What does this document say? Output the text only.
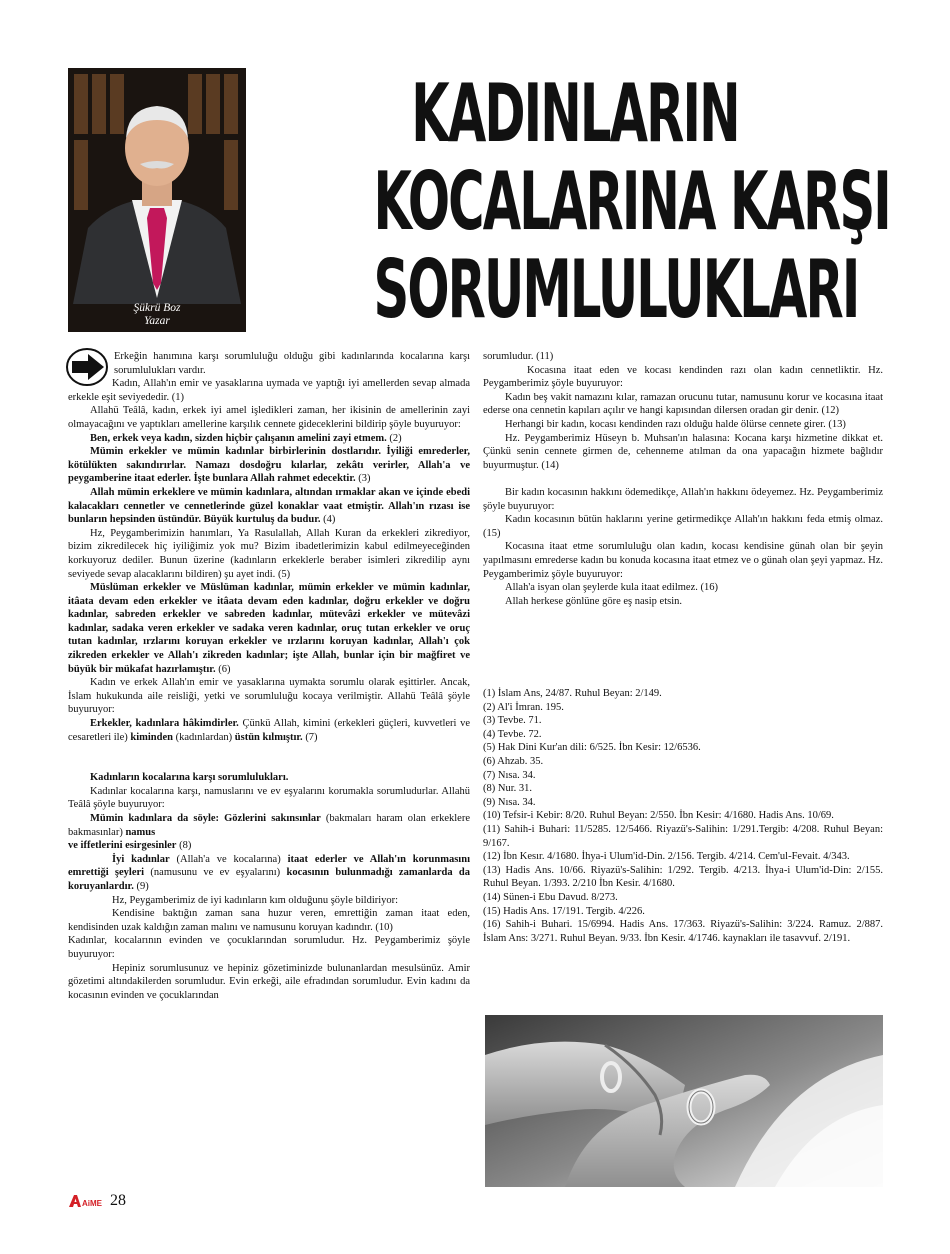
Şükrü Boz
Yazar
KADINLARIN
KOCALARINA KARŞI
SORUMLULUKLARI

Erkeğin hanımına karşı sorumluluğu olduğu gibi kadınlarında kocalarına karşı sorumlulukları vardır.

Kadın, Allah'ın emir ve yasaklarına uymada ve yaptığı iyi amellerden sevap almada erkekle eşit seviyededir. (1)

Allahü Teâlâ, kadın, erkek iyi amel işledikleri zaman, her ikisinin de amellerinin zayi olmayacağını ve yaptıkları amellerine karşılık cennete gideceklerini bildirip şöyle buyuruyor:

Ben, erkek veya kadın, sizden hiçbir çalışanın amelini zayi etmem. (2)

Mümin erkekler ve mümin kadınlar birbirlerinin dostlarıdır. İyiliği emrederler, kötülükten sakındırırlar. Namazı dosdoğru kılarlar, zekâtı verirler, Allah'a ve peygamberine itaat ederler. İşte bunlara Allah rahmet edecektir. (3)

Allah mümin erkeklere ve mümin kadınlara, altından ırmaklar akan ve içinde ebedi kalacakları cennetler ve cennetlerinde güzel konaklar vaat etmiştir. Allah'ın rızası ise bunların hepsinden üstündür. Büyük kurtuluş da budur. (4)

Hz, Peygamberimizin hanımları, Ya Rasulallah, Allah Kuran da erkekleri zikrediyor, bizim zikredilecek hiç iyiliğimiz yok mu? Bizim ibadetlerimizin kabul edilmeyeceğinden korkuyoruz dediler. Bunun üzerine (kadınların erkeklerle beraber isimleri zikredilip aynı seviyede sevap alacaklarını bildiren) şu ayet indi. (5)

Müslüman erkekler ve Müslüman kadınlar, mümin erkekler ve mümin kadınlar, itâata devam eden erkekler ve itâata devam eden kadınlar, doğru erkekler ve doğru kadınlar, sabreden erkekler ve sabreden kadınlar, mütevâzi erkekler ve mütevâzi kadınlar, sadaka veren erkekler ve sadaka veren kadınlar, oruç tutan erkekler ve oruç tutan kadınlar, ırzlarını koruyan erkekler ve ırzlarını koruyan kadınlar, Allah'ı çok zikreden erkekler ve Allah'ı zikreden kadınlar; işte Allah, bunlar için bir mağfiret ve büyük bir mükafat hazırlamıştır. (6)

Kadın ve erkek Allah'ın emir ve yasaklarına uymakta sorumlu olarak eşittirler. Ancak, İslam hukukunda aile reisliği, yetki ve sorumluluğu kocaya verilmiştir. Allahü Teâlâ şöyle buyuruyor:

Erkekler, kadınlara hâkimdirler. Çünkü Allah, kimini (erkekleri güçleri, kuvvetleri ve cesaretleri ile) kiminden (kadınlardan) üstün kılmıştır. (7)

Kadınların kocalarına karşı sorumlulukları.

Kadınlar kocalarına karşı, namuslarını ve ev eşyalarını korumakla sorumludurlar. Allahü Teâlâ şöyle buyuruyor:

Mümin kadınlara da söyle: Gözlerini sakınsınlar (bakmaları haram olan erkeklere bakmasınlar) namus
ve iffetlerini esirgesinler (8)

İyi kadınlar (Allah'a ve kocalarına) itaat ederler ve Allah'ın korunmasını emrettiği şeyleri (namusunu ve ev eşyalarını) kocasının bulunmadığı zamanlarda da koruyanlardır. (9)

Hz, Peygamberimiz de iyi kadınların kım olduğunu şöyle bildiriyor:

Kendisine baktığın zaman sana huzur veren, emrettiğin zaman itaat eden, kendisinden uzak kaldığın zaman malını ve namusunu koruyan kadındır. (10)

Kadınlar, kocalarının evinden ve çocuklarından sorumludur. Hz. Peygamberimiz şöyle buyuruyor:

Hepiniz sorumlusunuz ve hepiniz gözetiminizde bulunanlardan mesulsünüz. Amir gözetimi altındakilerden sorumludur. Evin erkeği, aile efradından sorumludur. Evin kadını da kocasının evinden ve çocuklarından

sorumludur. (11)

Kocasına itaat eden ve kocası kendinden razı olan kadın cennetliktir. Hz. Peygamberimiz şöyle buyuruyor:

Kadın beş vakit namazını kılar, ramazan orucunu tutar, namusunu korur ve kocasına itaat ederse ona cennetin kapıları açılır ve hangi kapısından dilersen oradan gir denir. (12)

Herhangi bir kadın, kocası kendinden razı olduğu halde ölürse cennete girer. (13)

Hz. Peygamberimiz Hüseyn b. Muhsan'ın halasına: Kocana karşı hizmetine dikkat et. Çünkü senin cennete girmen de, cehenneme atılman da ona yapacağın hizmete bağlıdır buyurmuştur. (14)

Bir kadın kocasının hakkını ödemedikçe, Allah'ın hakkını ödeyemez. Hz. Peygamberimiz şöyle buyuruyor:

Kadın kocasının bütün haklarını yerine getirmedikçe Allah'ın hakkını feda etmiş olmaz. (15)

Kocasına itaat etme sorumluluğu olan kadın, kocası kendisine günah olan bir şeyin yapılmasını emrederse kadın bu konuda kocasına itaat etmez ve o günah olan şeyi yapmaz. Hz. Peygamberimiz şöyle buyuruyor:

Allah'a isyan olan şeylerde kula itaat edilmez. (16)

Allah herkese gönlüne göre eş nasip etsin.

(1) İslam Ans, 24/87. Ruhul Beyan: 2/149.

(2) Al'i İmran. 195.

(3) Tevbe. 71.

(4) Tevbe. 72.

(5) Hak Dini Kur'an dili: 6/525. İbn Kesir: 12/6536.

(6) Ahzab. 35.

(7) Nısa. 34.

(8) Nur. 31.

(9) Nısa. 34.

(10) Tefsir-i Kebir: 8/20. Ruhul Beyan: 2/550. İbn Kesir: 4/1680. Hadis Ans. 10/69.

(11) Sahih-i Buhari: 11/5285. 12/5466. Riyazü's-Salihin: 1/291.Tergib: 4/208. Ruhul Beyan: 9/167.

(12) İbn Kesır. 4/1680. İhya-i Ulum'id-Din. 2/156. Tergib. 4/214. Cem'ul-Fevait. 4/343.

(13) Hadis Ans. 10/66. Riyazü's-Salihin: 1/292. Tergib. 4/213. İhya-i Ulum'id-Din: 2/155. Ruhul Beyan. 1/393. 2/210 İbn Kesir. 4/1680.

(14) Sünen-i Ebu Davud. 8/273.

(15) Hadis Ans. 17/191. Tergib. 4/226.

(16) Sahih-i Buhari. 15/6994. Hadis Ans. 17/363. Riyazü's-Salihin: 3/224. Ramuz. 2/887. İslam Ans: 3/271. Ruhul Beyan. 9/33. İbn Kesir. 4/1746. kaynakları ile tasavvuf. 2/191.

AiME 28
